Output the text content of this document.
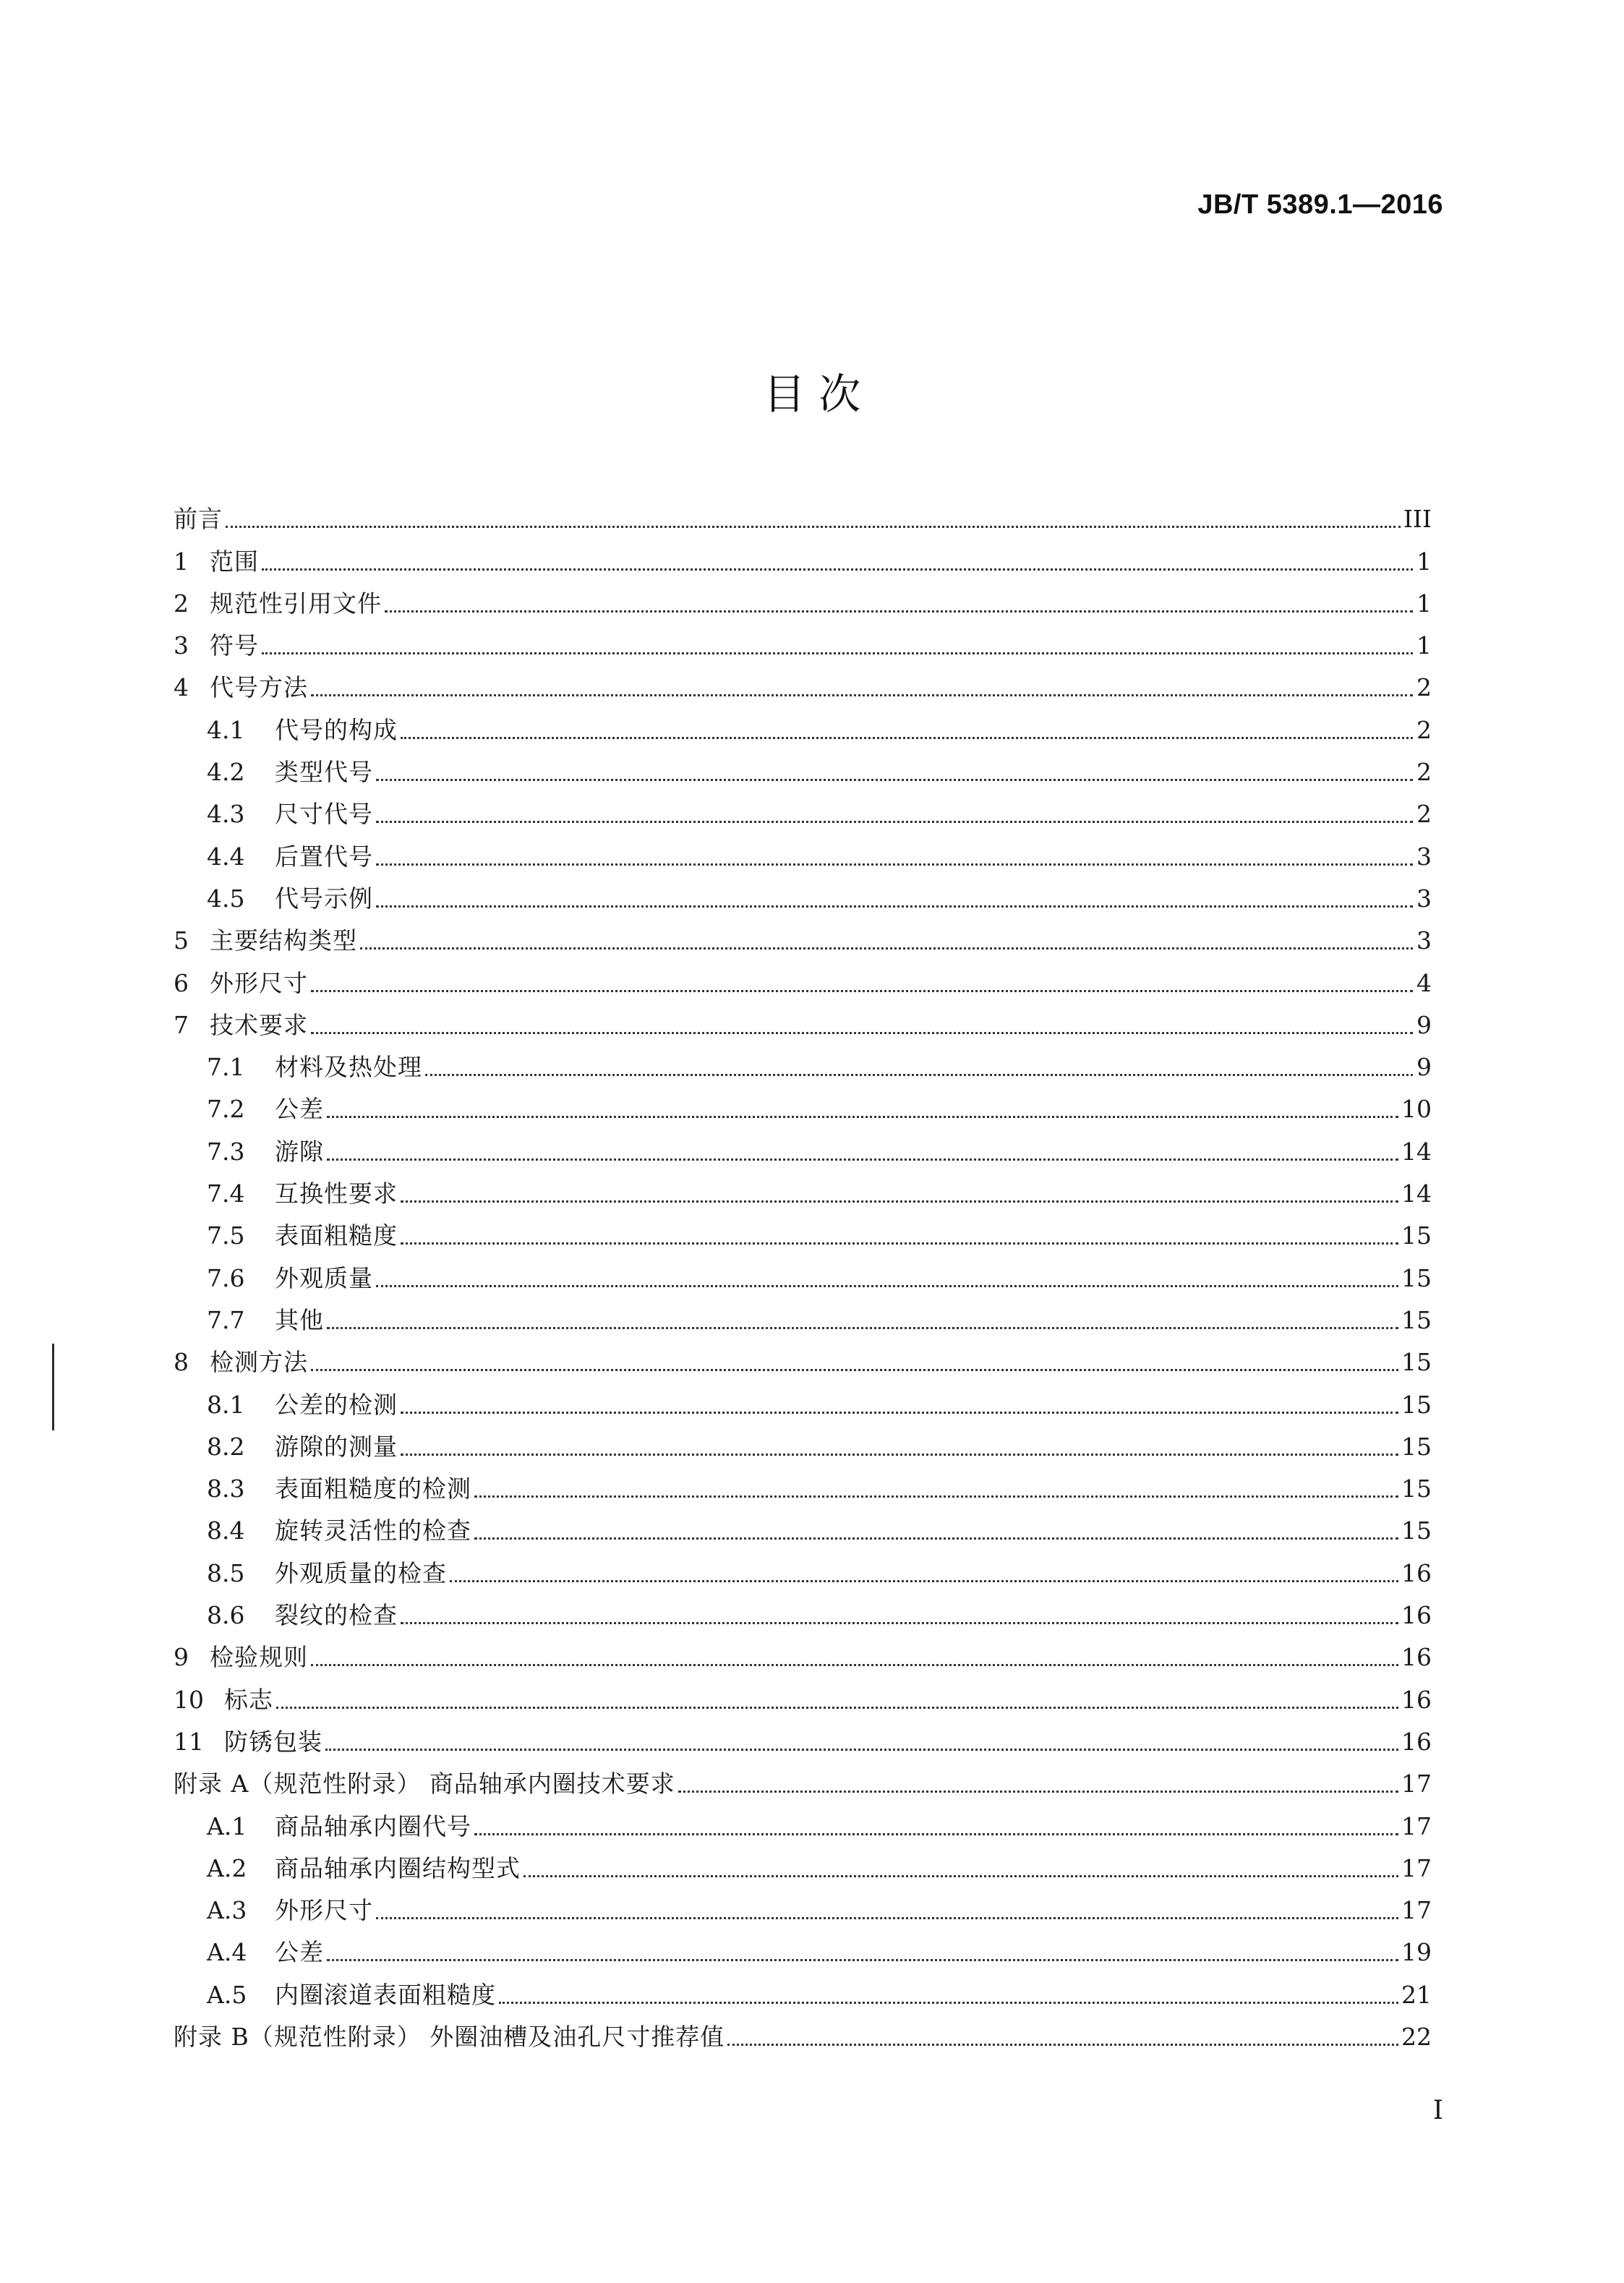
JB/T 5389.1—2016
目 次
前言	III
1 范围	1
2 规范性引用文件	1
3 符号	1
4 代号方法	2
4.1	代号的构成	2
4.2	类型代号	2
4.3	尺寸代号	2
4.4	后置代号	3
4.5	代号示例	3
5 主要结构类型	3
6 外形尺寸	4
7 技术要求	9
7.1	材料及热处理	9
7.2	公差	10
7.3	游隙	14
7.4	互换性要求	14
7.5	表面粗糙度	15
7.6	外观质量	15
7.7	其他	15
8 检测方法	15
8.1	公差的检测	15
8.2	游隙的测量	15
8.3	表面粗糙度的检测	15
8.4	旋转灵活性的检查	15
8.5	外观质量的检查	16
8.6	裂纹的检查	16
9 检验规则	16
10 标志	16
11 防锈包装	16
附录 A（规范性附录） 商品轴承内圈技术要求	17
A.1	商品轴承内圈代号	17
A.2	商品轴承内圈结构型式	17
A.3	外形尺寸	17
A.4	公差	19
A.5	内圈滚道表面粗糙度	21
附录 B（规范性附录） 外圈油槽及油孔尺寸推荐值	22
I
